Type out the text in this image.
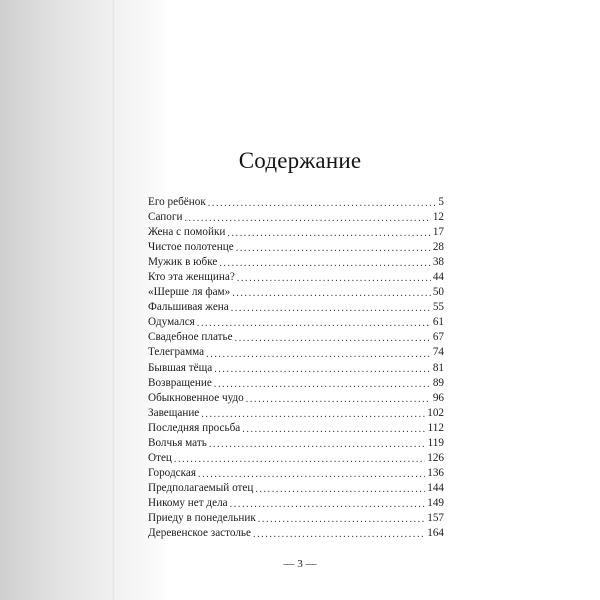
Содержание
Его ребёнок .....	5
Сапоги .....	12
Жена с помойки .....	17
Чистое полотенце .....	28
Мужик в юбке .....	38
Кто эта женщина? .....	44
«Шерше ля фам» .....	50
Фальшивая жена .....	55
Одумался .....	61
Свадебное платье .....	67
Телеграмма .....	74
Бывшая тёща .....	81
Возвращение .....	89
Обыкновенное чудо .....	96
Завещание .....	102
Последняя просьба .....	112
Волчья мать .....	119
Отец .....	126
Городская .....	136
Предполагаемый отец .....	144
Никому нет дела .....	149
Приеду в понедельник .....	157
Деревенское застолье .....	164
— 3 —
